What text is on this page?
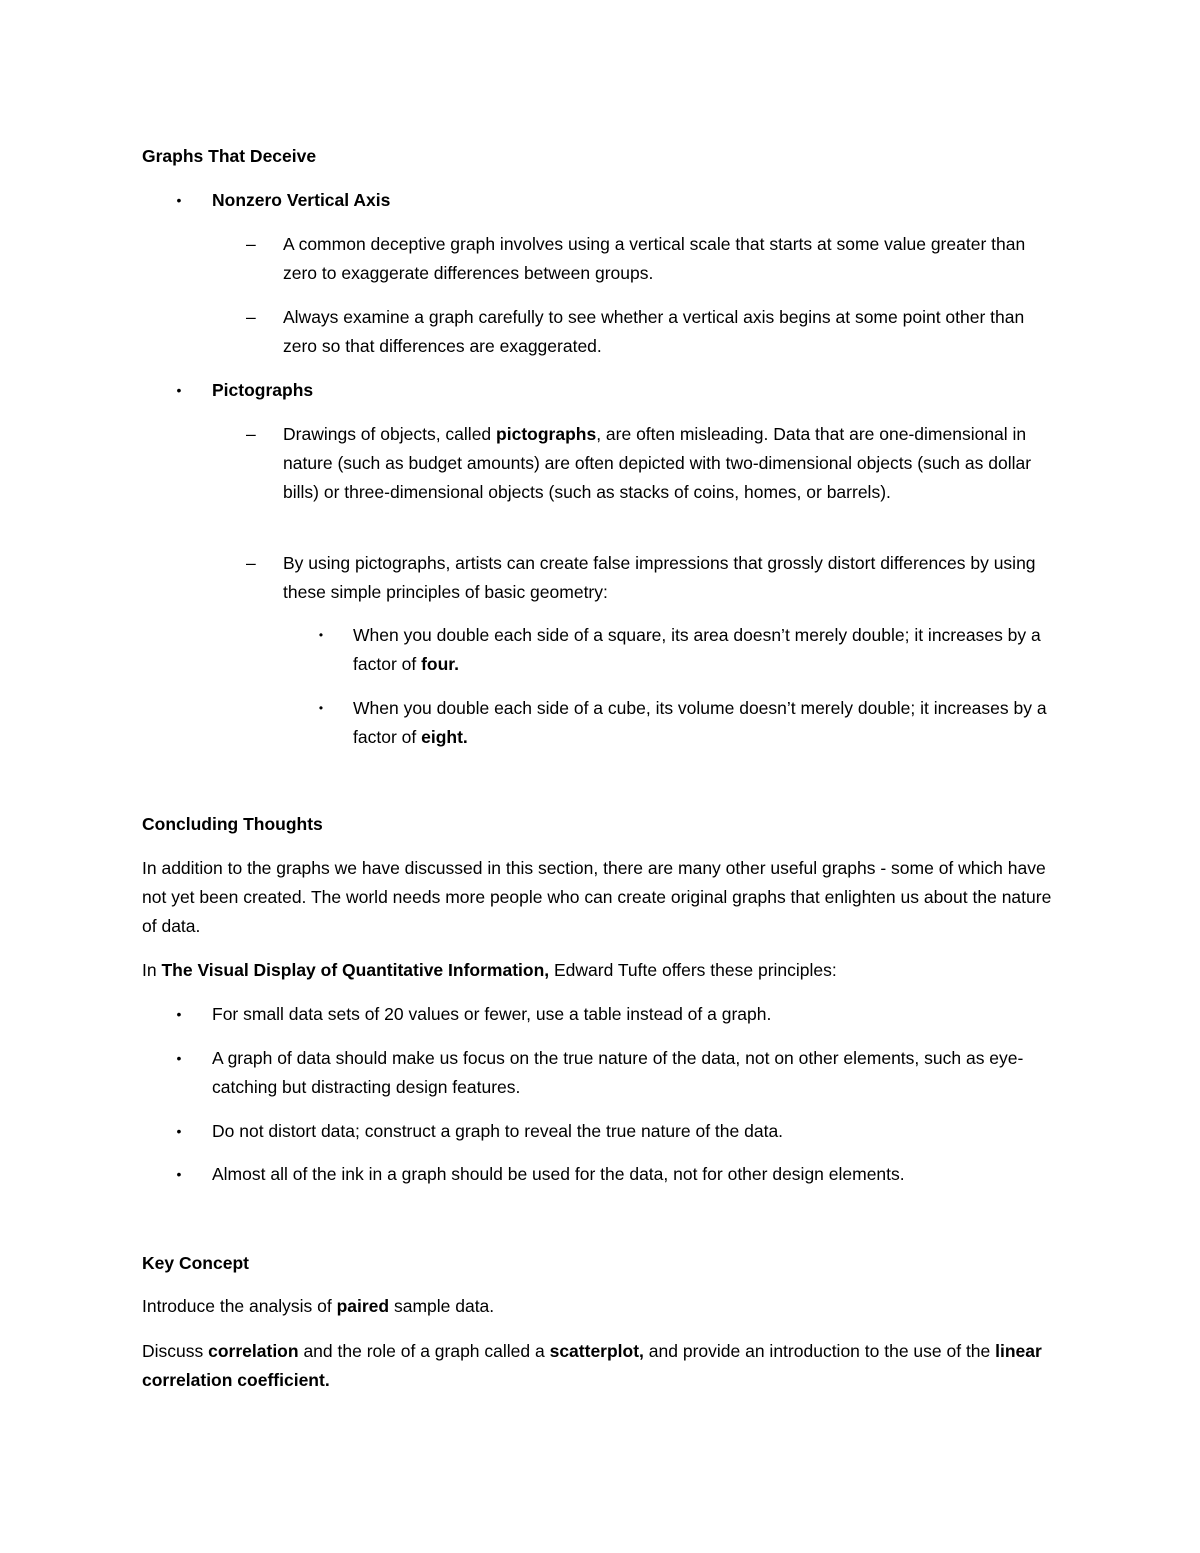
Graphs That Deceive
• Nonzero Vertical Axis
– A common deceptive graph involves using a vertical scale that starts at some value greater than zero to exaggerate differences between groups.
– Always examine a graph carefully to see whether a vertical axis begins at some point other than zero so that differences are exaggerated.
• Pictographs
– Drawings of objects, called pictographs, are often misleading. Data that are one-dimensional in nature (such as budget amounts) are often depicted with two-dimensional objects (such as dollar bills) or three-dimensional objects (such as stacks of coins, homes, or barrels).
– By using pictographs, artists can create false impressions that grossly distort differences by using these simple principles of basic geometry:
• When you double each side of a square, its area doesn’t merely double; it increases by a factor of four.
• When you double each side of a cube, its volume doesn’t merely double; it increases by a factor of eight.
Concluding Thoughts
In addition to the graphs we have discussed in this section, there are many other useful graphs - some of which have not yet been created. The world needs more people who can create original graphs that enlighten us about the nature of data.
In The Visual Display of Quantitative Information, Edward Tufte offers these principles:
• For small data sets of 20 values or fewer, use a table instead of a graph.
• A graph of data should make us focus on the true nature of the data, not on other elements, such as eye-catching but distracting design features.
• Do not distort data; construct a graph to reveal the true nature of the data.
• Almost all of the ink in a graph should be used for the data, not for other design elements.
Key Concept
Introduce the analysis of paired sample data.
Discuss correlation and the role of a graph called a scatterplot, and provide an introduction to the use of the linear correlation coefficient.
